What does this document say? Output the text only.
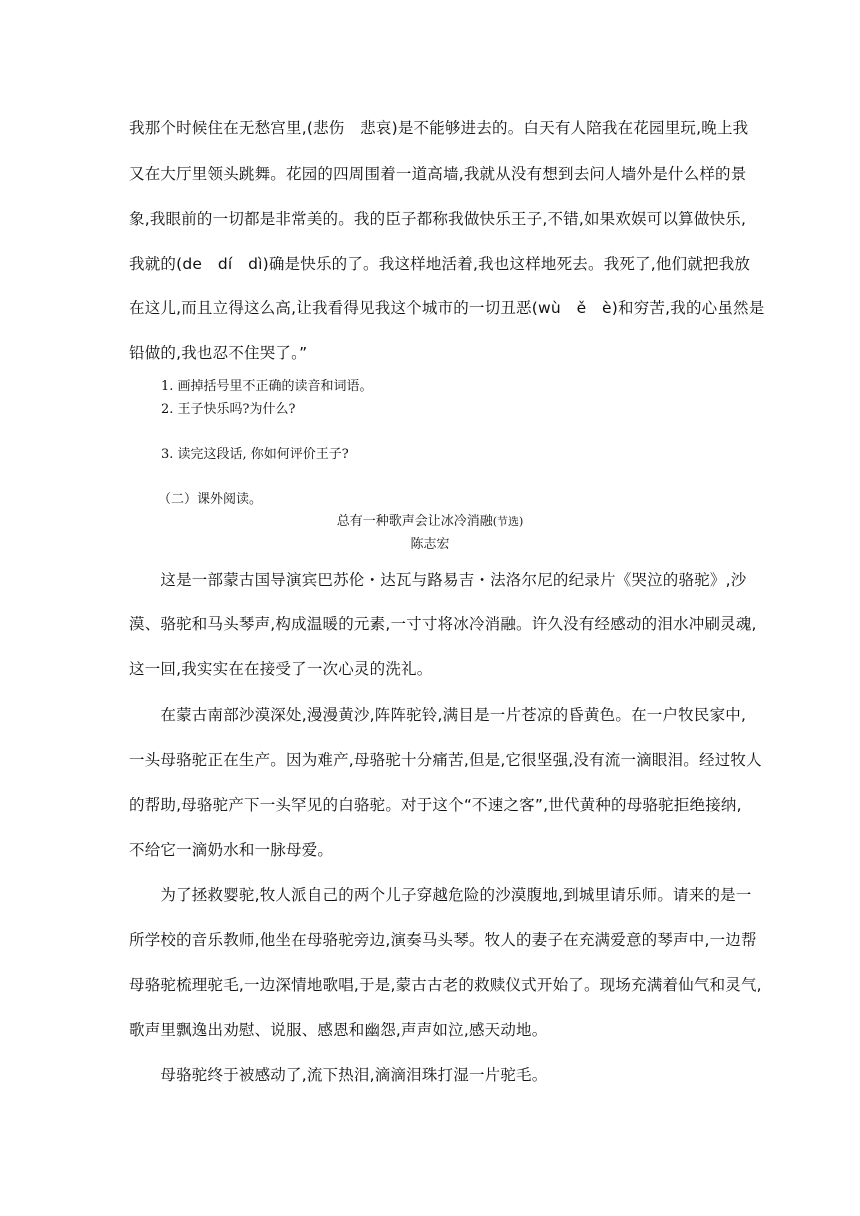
我那个时候住在无愁宫里,(悲伤　悲哀)是不能够进去的。白天有人陪我在花园里玩,晚上我
又在大厅里领头跳舞。花园的四周围着一道高墙,我就从没有想到去问人墙外是什么样的景
象,我眼前的一切都是非常美的。我的臣子都称我做快乐王子,不错,如果欢娱可以算做快乐,
我就的(de　dí　dì)确是快乐的了。我这样地活着,我也这样地死去。我死了,他们就把我放
在这儿,而且立得这么高,让我看得见我这个城市的一切丑恶(wù　ě　è)和穷苦,我的心虽然是
铅做的,我也忍不住哭了。”
1. 画掉括号里不正确的读音和词语。
2. 王子快乐吗?为什么?
3. 读完这段话, 你如何评价王子?
（二）课外阅读。
总有一种歌声会让冰冷消融(节选)
陈志宏
　　这是一部蒙古国导演宾巴苏伦・达瓦与路易吉・法洛尔尼的纪录片《哭泣的骆驼》,沙
漠、骆驼和马头琴声,构成温暖的元素,一寸寸将冰冷消融。许久没有经感动的泪水冲刷灵魂,
这一回,我实实在在接受了一次心灵的洗礼。
　　在蒙古南部沙漠深处,漫漫黄沙,阵阵驼铃,满目是一片苍凉的昏黄色。在一户牧民家中,
一头母骆驼正在生产。因为难产,母骆驼十分痛苦,但是,它很坚强,没有流一滴眼泪。经过牧人
的帮助,母骆驼产下一头罕见的白骆驼。对于这个“不速之客”,世代黄种的母骆驼拒绝接纳,
不给它一滴奶水和一脉母爱。
　　为了拯救婴驼,牧人派自己的两个儿子穿越危险的沙漠腹地,到城里请乐师。请来的是一
所学校的音乐教师,他坐在母骆驼旁边,演奏马头琴。牧人的妻子在充满爱意的琴声中,一边帮
母骆驼梳理驼毛,一边深情地歌唱,于是,蒙古古老的救赎仪式开始了。现场充满着仙气和灵气,
歌声里飘逸出劝慰、说服、感恩和幽怨,声声如泣,感天动地。
　　母骆驼终于被感动了,流下热泪,滴滴泪珠打湿一片驼毛。
